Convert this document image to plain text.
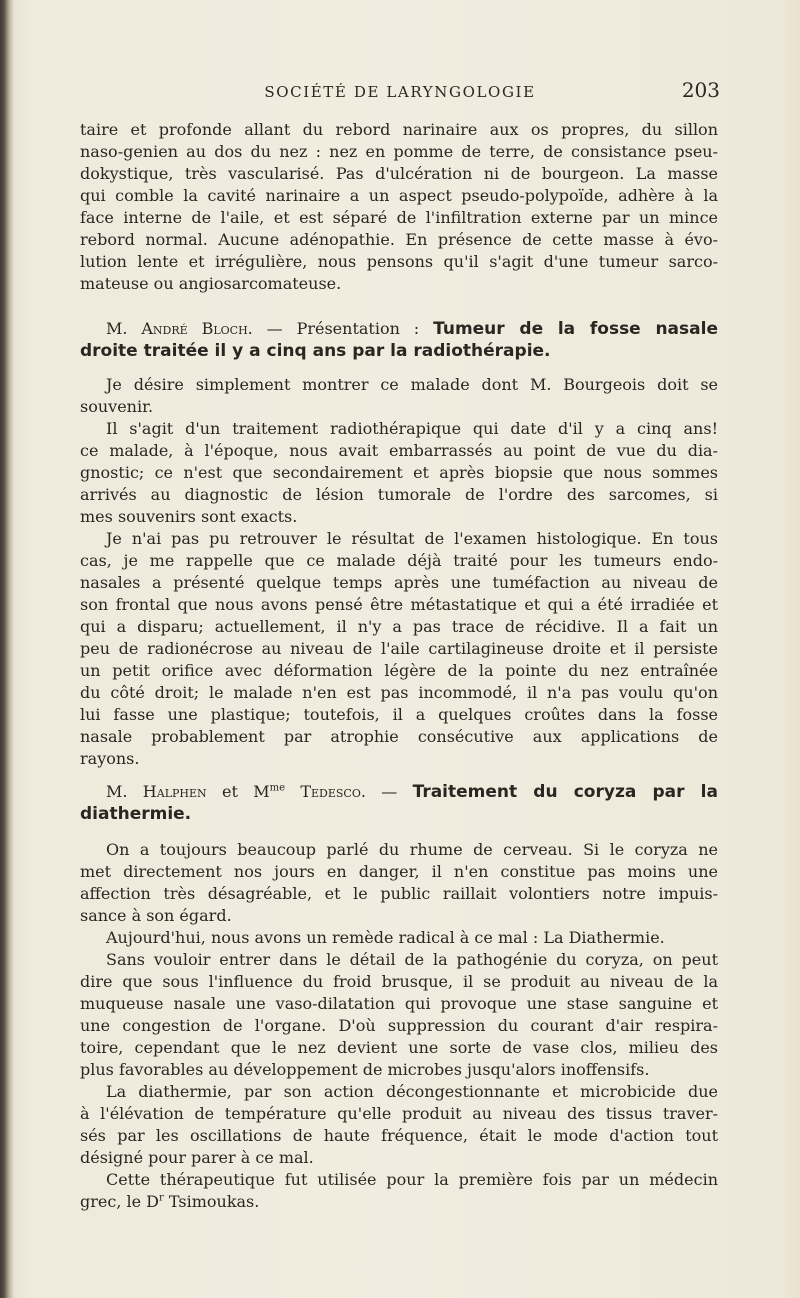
SOCIÉTÉ DE LARYNGOLOGIE	203
taire et profonde allant du rebord narinaire aux os propres, du sillon
naso-genien au dos du nez : nez en pomme de terre, de consistance pseu-
dokystique, très vascularisé. Pas d'ulcération ni de bourgeon. La masse
qui comble la cavité narinaire a un aspect pseudo-polypoïde, adhère à la
face interne de l'aile, et est séparé de l'infiltration externe par un mince
rebord normal. Aucune adénopathie. En présence de cette masse à évo-
lution lente et irrégulière, nous pensons qu'il s'agit d'une tumeur sarco-
mateuse ou angiosarcomateuse.
M. André Bloch. — Présentation : Tumeur de la fosse nasale
droite traitée il y a cinq ans par la radiothérapie.
Je désire simplement montrer ce malade dont M. Bourgeois doit se
souvenir.
Il s'agit d'un traitement radiothérapique qui date d'il y a cinq ans!
ce malade, à l'époque, nous avait embarrassés au point de vue du dia-
gnostic; ce n'est que secondairement et après biopsie que nous sommes
arrivés au diagnostic de lésion tumorale de l'ordre des sarcomes, si
mes souvenirs sont exacts.
Je n'ai pas pu retrouver le résultat de l'examen histologique. En tous
cas, je me rappelle que ce malade déjà traité pour les tumeurs endo-
nasales a présenté quelque temps après une tuméfaction au niveau de
son frontal que nous avons pensé être métastatique et qui a été irradiée et
qui a disparu; actuellement, il n'y a pas trace de récidive. Il a fait un
peu de radionécrose au niveau de l'aile cartilagineuse droite et il persiste
un petit orifice avec déformation légère de la pointe du nez entraînée
du côté droit; le malade n'en est pas incommodé, il n'a pas voulu qu'on
lui fasse une plastique; toutefois, il a quelques croûtes dans la fosse
nasale probablement par atrophie consécutive aux applications de
rayons.
M. Halphen et $M^{me}$ Tedesco. — Traitement du coryza par la
diathermie.
On a toujours beaucoup parlé du rhume de cerveau. Si le coryza ne
met directement nos jours en danger, il n'en constitue pas moins une
affection très désagréable, et le public raillait volontiers notre impuis-
sance à son égard.
Aujourd'hui, nous avons un remède radical à ce mal : La Diathermie.
Sans vouloir entrer dans le détail de la pathogénie du coryza, on peut
dire que sous l'influence du froid brusque, il se produit au niveau de la
muqueuse nasale une vaso-dilatation qui provoque une stase sanguine et
une congestion de l'organe. D'où suppression du courant d'air respira-
toire, cependant que le nez devient une sorte de vase clos, milieu des
plus favorables au développement de microbes jusqu'alors inoffensifs.
La diathermie, par son action décongestionnante et microbicide due
à l'élévation de température qu'elle produit au niveau des tissus traver-
sés par les oscillations de haute fréquence, était le mode d'action tout
désigné pour parer à ce mal.
Cette thérapeutique fut utilisée pour la première fois par un médecin
grec, le $D^r$ Tsimoukas.
